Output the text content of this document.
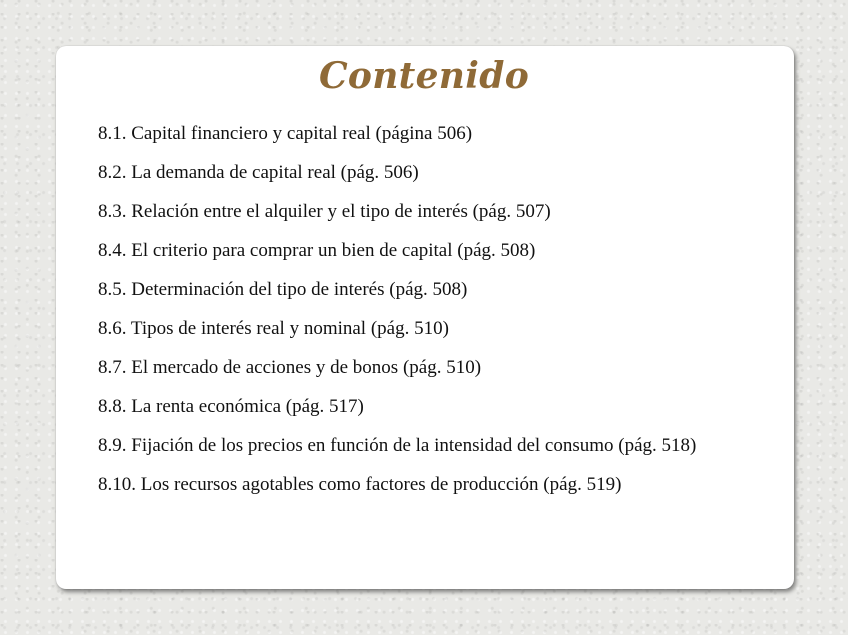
Contenido
8.1. Capital financiero y capital real (página 506)
8.2. La demanda de capital real (pág. 506)
8.3. Relación entre el alquiler y el tipo de interés (pág. 507)
8.4. El criterio para comprar un bien de capital (pág. 508)
8.5. Determinación del tipo de interés (pág. 508)
8.6. Tipos de interés real y nominal (pág. 510)
8.7. El mercado de acciones y de bonos (pág. 510)
8.8. La renta económica (pág. 517)
8.9. Fijación de los precios en función de la intensidad del consumo (pág. 518)
8.10. Los recursos agotables como factores de producción (pág. 519)
